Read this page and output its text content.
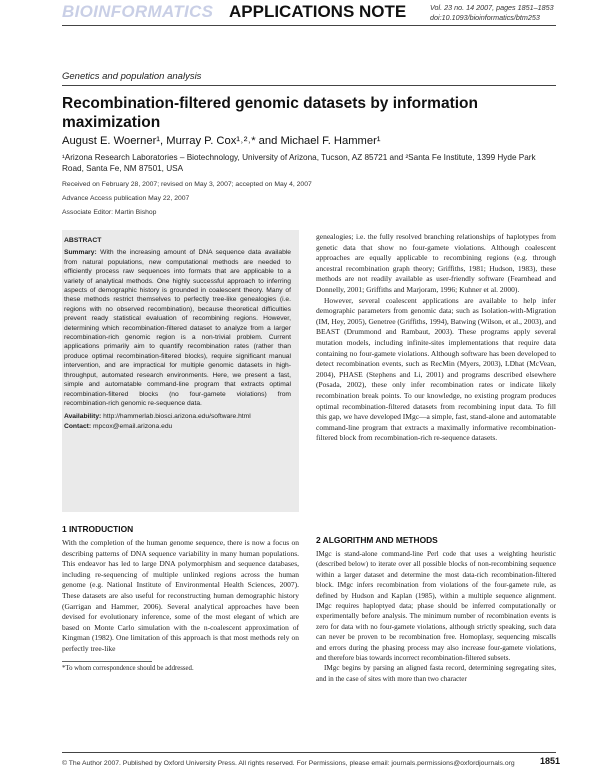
BIOINFORMATICS APPLICATIONS NOTE	Vol. 23 no. 14 2007, pages 1851–1853
doi:10.1093/bioinformatics/btm253
Genetics and population analysis
Recombination-filtered genomic datasets by information maximization
August E. Woerner¹, Murray P. Cox¹˒²˒* and Michael F. Hammer¹
¹Arizona Research Laboratories – Biotechnology, University of Arizona, Tucson, AZ 85721 and ²Santa Fe Institute, 1399 Hyde Park Road, Santa Fe, NM 87501, USA
Received on February 28, 2007; revised on May 3, 2007; accepted on May 4, 2007
Advance Access publication May 22, 2007
Associate Editor: Martin Bishop
ABSTRACT

Summary: With the increasing amount of DNA sequence data available from natural populations, new computational methods are needed to efficiently process raw sequences into formats that are applicable to a variety of analytical methods. One highly successful approach to inferring aspects of demographic history is grounded in coalescent theory. Many of these methods restrict themselves to perfectly tree-like genealogies (i.e. regions with no observed recombination), because theoretical difficulties prevent ready statistical evaluation of recombining regions. However, determining which recombination-filtered dataset to analyze from a larger recombination-rich genomic region is a non-trivial problem. Current applications primarily aim to quantify recombination rates (rather than produce optimal recombination-filtered blocks), require significant manual intervention, and are impractical for multiple genomic datasets in high-throughput, automated research environments. Here, we present a fast, simple and automatable command-line program that extracts optimal recombination-filtered blocks (no four-gamete violations) from recombination-rich genomic re-sequence data.

Availability: http://hammerlab.biosci.arizona.edu/software.html

Contact: mpcox@email.arizona.edu

1 INTRODUCTION
With the completion of the human genome sequence, there is now a focus on describing patterns of DNA sequence variability in many human populations. This endeavor has led to large DNA polymorphism and sequence databases, including re-sequencing of multiple unlinked regions across the human genome (e.g. National Institute of Environmental Health Sciences, 2007). These datasets are also useful for reconstructing human demographic history (Garrigan and Hammer, 2006). Several analytical approaches have been devised for evolutionary inference, some of the most elegant of which are based on Monte Carlo simulation with the n-coalescent approximation of Kingman (1982). One limitation of this approach is that most methods rely on perfectly tree-like
*To whom correspondence should be addressed.

genealogies; i.e. the fully resolved branching relationships of haplotypes from genetic data that show no four-gamete violations. Although coalescent approaches are equally applicable to recombining regions (e.g. through ancestral recombination graph theory; Griffiths, 1981; Hudson, 1983), these methods are not readily available as user-friendly software (Fearnhead and Donnelly, 2001; Griffiths and Marjoram, 1996; Kuhner et al. 2000).

However, several coalescent applications are available to help infer demographic parameters from genomic data; such as Isolation-with-Migration (IM, Hey, 2005), Genetree (Griffiths, 1994), Batwing (Wilson, et al., 2003), and BEAST (Drummond and Rambaut, 2003). These programs apply several mutation models, including infinite-sites implementations that require data containing no four-gamete violations. Although software has been developed to detect recombination events, such as RecMin (Myers, 2003), LDhat (McVean, 2004), PHASE (Stephens and Li, 2001) and programs described elsewhere (Posada, 2002), these only infer recombination rates or indicate likely recombination break points. To our knowledge, no existing program produces optimal recombination-filtered datasets from recombining input data. To fill this gap, we have developed IMgc—a simple, fast, stand-alone and automatable command-line program that extracts a maximally informative recombination-filtered block from recombination-rich re-sequence datasets.

2 ALGORITHM AND METHODS

IMgc is stand-alone command-line Perl code that uses a weighting heuristic (described below) to iterate over all possible blocks of non-recombining sequence within a larger dataset and determine the most data-rich recombination-filtered block. IMgc infers recombination from violations of the four-gamete rule, as defined by Hudson and Kaplan (1985), within a multiple sequence alignment. IMgc requires haploptyed data; phase should be inferred computationally or experimentally before analysis. The minimum number of recombination events is zero for data with no four-gamete violations, although strictly speaking, such data can never be proven to be recombination free. Homoplasy, sequencing miscalls and errors during the phasing process may also increase four-gamete violations, and therefore bias towards incorrect recombination-filtered subsets.

IMgc begins by parsing an aligned fasta record, determining segregating sites, and in the case of sites with more than two character

© The Author 2007. Published by Oxford University Press. All rights reserved. For Permissions, please email: journals.permissions@oxfordjournals.org	1851
